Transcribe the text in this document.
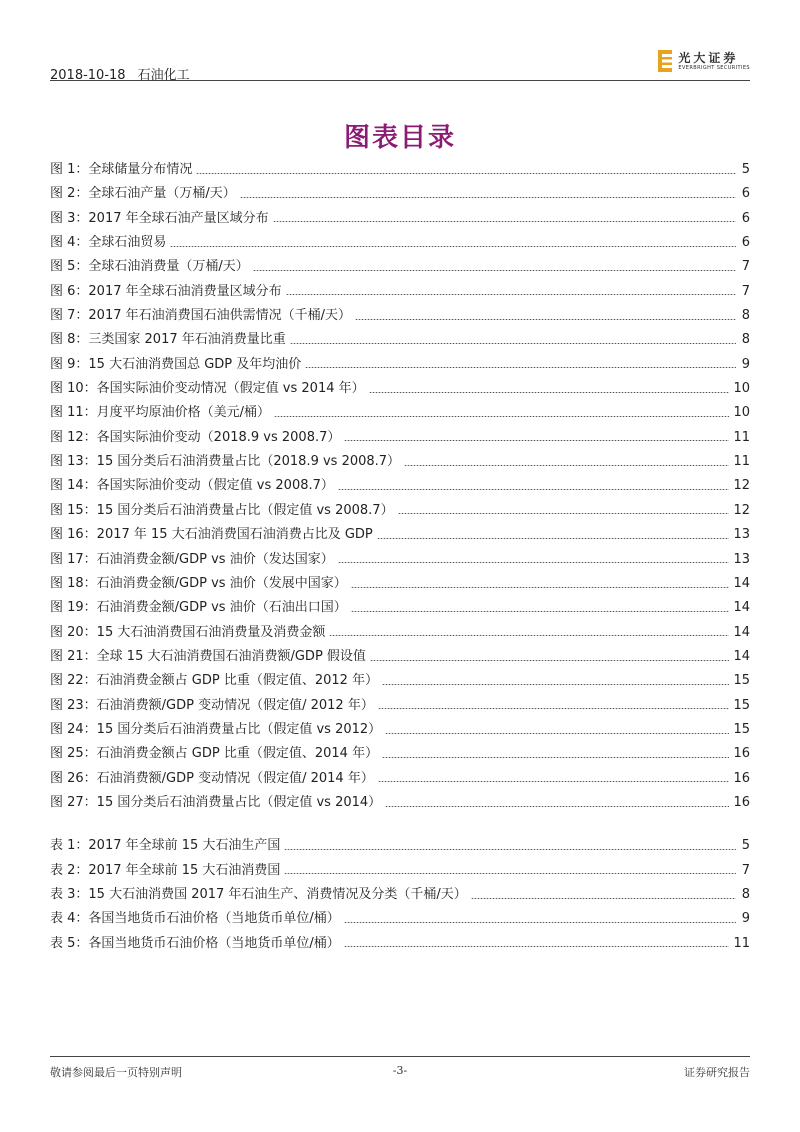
2018-10-18 石油化工
光大证券
EVERBRIGHT SECURITIES
图表目录
图 1：全球储量分布情况	5
图 2：全球石油产量（万桶/天）	6
图 3：2017 年全球石油产量区域分布	6
图 4：全球石油贸易	6
图 5：全球石油消费量（万桶/天）	7
图 6：2017 年全球石油消费量区域分布	7
图 7：2017 年石油消费国石油供需情况（千桶/天）	8
图 8：三类国家 2017 年石油消费量比重	8
图 9：15 大石油消费国总 GDP 及年均油价	9
图 10：各国实际油价变动情况（假定值 vs 2014 年）	10
图 11：月度平均原油价格（美元/桶）	10
图 12：各国实际油价变动（2018.9 vs 2008.7）	11
图 13：15 国分类后石油消费量占比（2018.9 vs 2008.7）	11
图 14：各国实际油价变动（假定值 vs 2008.7）	12
图 15：15 国分类后石油消费量占比（假定值 vs 2008.7）	12
图 16：2017 年 15 大石油消费国石油消费占比及 GDP	13
图 17：石油消费金额/GDP vs 油价（发达国家）	13
图 18：石油消费金额/GDP vs 油价（发展中国家）	14
图 19：石油消费金额/GDP vs 油价（石油出口国）	14
图 20：15 大石油消费国石油消费量及消费金额	14
图 21：全球 15 大石油消费国石油消费额/GDP 假设值	14
图 22：石油消费金额占 GDP 比重（假定值、2012 年）	15
图 23：石油消费额/GDP 变动情况（假定值/ 2012 年）	15
图 24：15 国分类后石油消费量占比（假定值 vs 2012）	15
图 25：石油消费金额占 GDP 比重（假定值、2014 年）	16
图 26：石油消费额/GDP 变动情况（假定值/ 2014 年）	16
图 27：15 国分类后石油消费量占比（假定值 vs 2014）	16
表 1：2017 年全球前 15 大石油生产国	5
表 2：2017 年全球前 15 大石油消费国	7
表 3：15 大石油消费国 2017 年石油生产、消费情况及分类（千桶/天）	8
表 4：各国当地货币石油价格（当地货币单位/桶）	9
表 5：各国当地货币石油价格（当地货币单位/桶）	11
敬请参阅最后一页特别声明	-3-	证券研究报告
